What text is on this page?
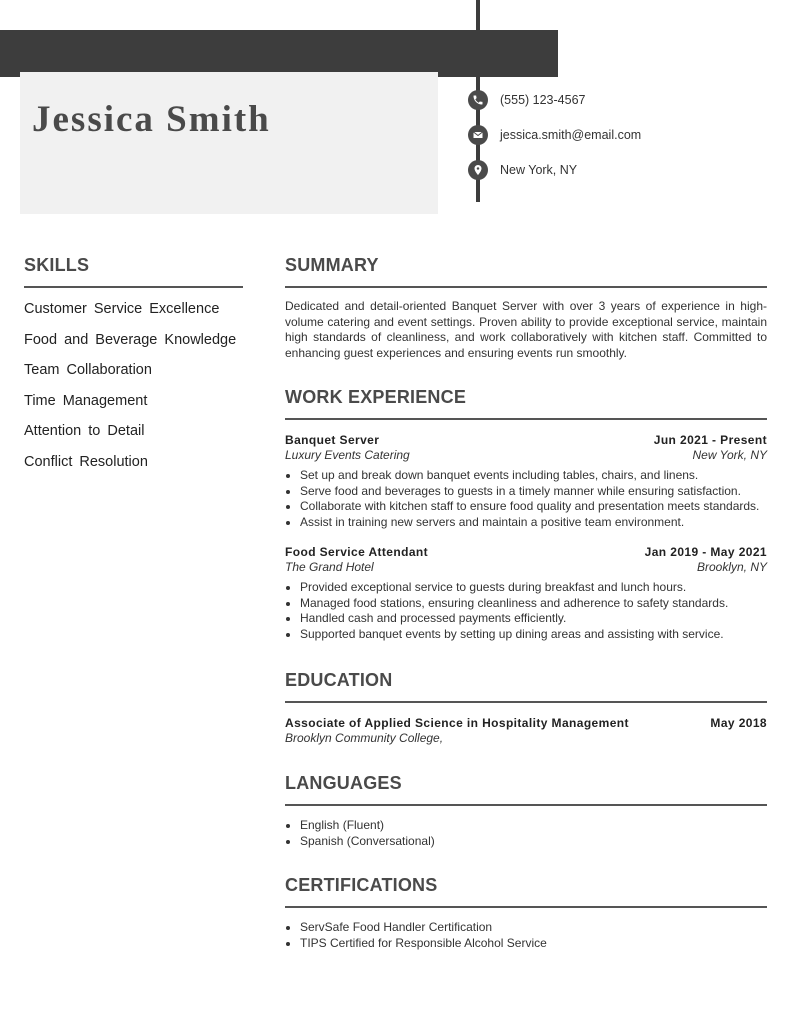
Jessica Smith	(555) 123-4567
jessica.smith@email.com
New York, NY
SKILLS
Customer Service Excellence
Food and Beverage Knowledge
Team Collaboration
Time Management
Attention to Detail
Conflict Resolution
SUMMARY

Dedicated and detail-oriented Banquet Server with over 3 years of experience in high-volume catering and event settings. Proven ability to provide exceptional service, maintain high standards of cleanliness, and work collaboratively with kitchen staff. Committed to enhancing guest experiences and ensuring events run smoothly.

WORK EXPERIENCE
Banquet Server	Jun 2021 - Present
Luxury Events Catering	New York, NY
• Set up and break down banquet events including tables, chairs, and linens.
• Serve food and beverages to guests in a timely manner while ensuring satisfaction.
• Collaborate with kitchen staff to ensure food quality and presentation meets standards.
• Assist in training new servers and maintain a positive team environment.
Food Service Attendant	Jan 2019 - May 2021
The Grand Hotel	Brooklyn, NY
• Provided exceptional service to guests during breakfast and lunch hours.
• Managed food stations, ensuring cleanliness and adherence to safety standards.
• Handled cash and processed payments efficiently.
• Supported banquet events by setting up dining areas and assisting with service.
EDUCATION
Associate of Applied Science in Hospitality Management	May 2018
Brooklyn Community College,
LANGUAGES
• English (Fluent)
• Spanish (Conversational)
CERTIFICATIONS
• ServSafe Food Handler Certification
• TIPS Certified for Responsible Alcohol Service
